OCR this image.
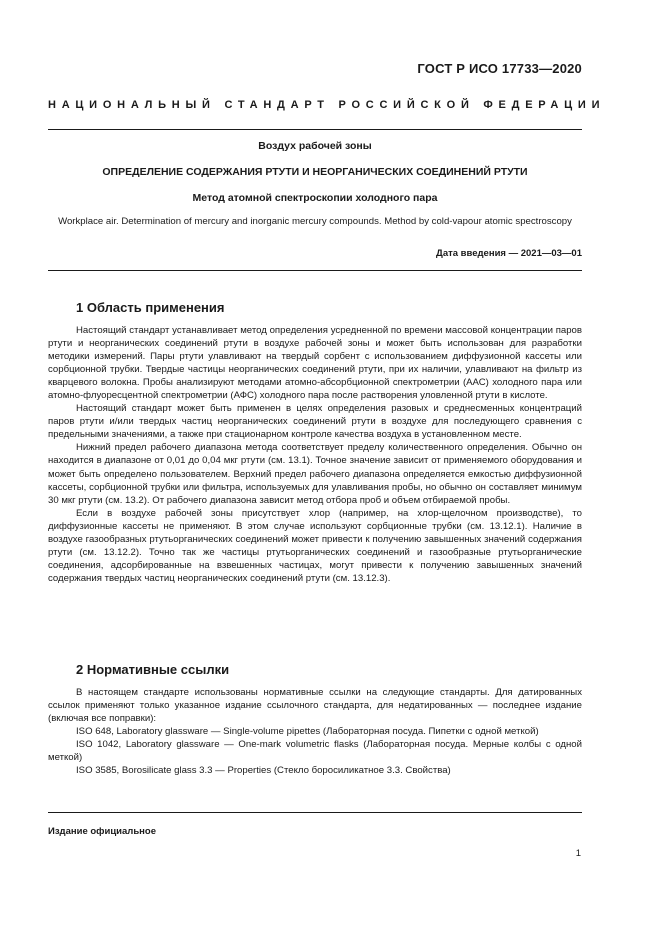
ГОСТ Р ИСО 17733—2020
НАЦИОНАЛЬНЫЙ СТАНДАРТ РОССИЙСКОЙ ФЕДЕРАЦИИ
Воздух рабочей зоны
ОПРЕДЕЛЕНИЕ СОДЕРЖАНИЯ РТУТИ И НЕОРГАНИЧЕСКИХ СОЕДИНЕНИЙ РТУТИ
Метод атомной спектроскопии холодного пара
Workplace air. Determination of mercury and inorganic mercury compounds. Method by cold-vapour atomic spectroscopy
Дата введения — 2021—03—01
1 Область применения

Настоящий стандарт устанавливает метод определения усредненной по времени массовой концентрации паров ртути и неорганических соединений ртути в воздухе рабочей зоны и может быть использован для разработки методики измерений. Пары ртути улавливают на твердый сорбент с использованием диффузионной кассеты или сорбционной трубки. Твердые частицы неорганических соединений ртути, при их наличии, улавливают на фильтр из кварцевого волокна. Пробы анализируют методами атомно-абсорбционной спектрометрии (ААС) холодного пара или атомно-флуоресцентной спектрометрии (АФС) холодного пара после растворения уловленной ртути в кислоте.

Настоящий стандарт может быть применен в целях определения разовых и среднесменных концентраций паров ртути и/или твердых частиц неорганических соединений ртути в воздухе для последующего сравнения с предельными значениями, а также при стационарном контроле качества воздуха в установленном месте.

Нижний предел рабочего диапазона метода соответствует пределу количественного определения. Обычно он находится в диапазоне от 0,01 до 0,04 мкг ртути (см. 13.1). Точное значение зависит от применяемого оборудования и может быть определено пользователем. Верхний предел рабочего диапазона определяется емкостью диффузионной кассеты, сорбционной трубки или фильтра, используемых для улавливания пробы, но обычно он составляет минимум 30 мкг ртути (см. 13.2). От рабочего диапазона зависит метод отбора проб и объем отбираемой пробы.

Если в воздухе рабочей зоны присутствует хлор (например, на хлор-щелочном производстве), то диффузионные кассеты не применяют. В этом случае используют сорбционные трубки (см. 13.12.1). Наличие в воздухе газообразных ртутьорганических соединений может привести к получению завышенных значений содержания ртути (см. 13.12.2). Точно так же частицы ртутьорганических соединений и газообразные ртутьорганические соединения, адсорбированные на взвешенных частицах, могут привести к получению завышенных значений содержания твердых частиц неорганических соединений ртути (см. 13.12.3).

2 Нормативные ссылки

В настоящем стандарте использованы нормативные ссылки на следующие стандарты. Для датированных ссылок применяют только указанное издание ссылочного стандарта, для недатированных — последнее издание (включая все поправки):

ISO 648, Laboratory glassware — Single-volume pipettes (Лабораторная посуда. Пипетки с одной меткой)

ISO 1042, Laboratory glassware — One-mark volumetric flasks (Лабораторная посуда. Мерные колбы с одной меткой)

ISO 3585, Borosilicate glass 3.3 — Properties (Стекло боросиликатное 3.3. Свойства)

Издание официальное
1
